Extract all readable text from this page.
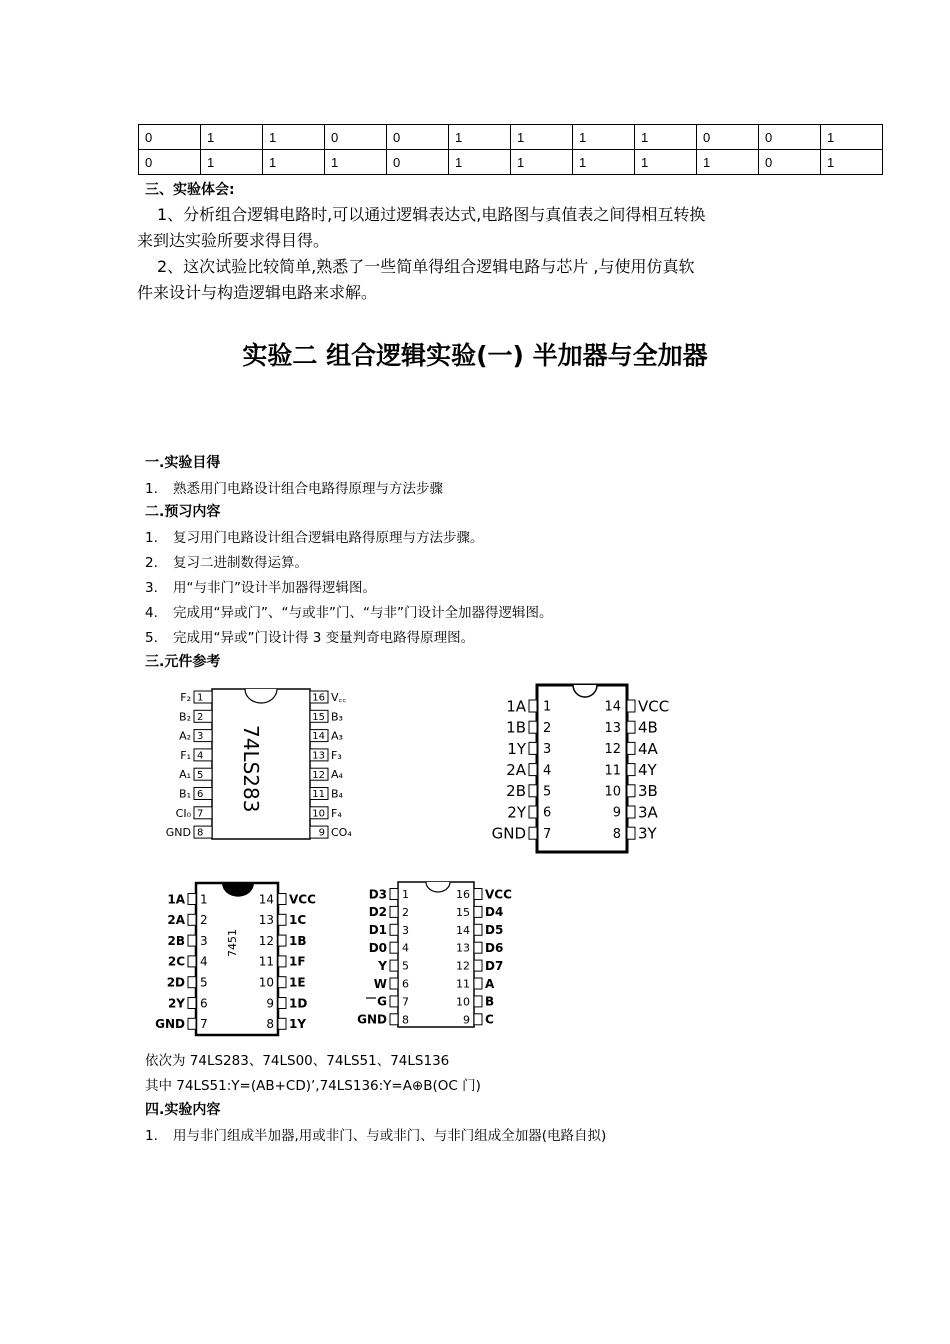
0	1	1	0	0	1	1	1	1	0	0	1
0	1	1	1	0	1	1	1	1	1	0	1
三、实验体会:
1、分析组合逻辑电路时,可以通过逻辑表达式,电路图与真值表之间得相互转换
来到达实验所要求得目得。
2、这次试验比较简单,熟悉了一些简单得组合逻辑电路与芯片 ,与使用仿真软
件来设计与构造逻辑电路来求解。
实验二 组合逻辑实验(一) 半加器与全加器
一.实验目得
1. 熟悉用门电路设计组合电路得原理与方法步骤
二.预习内容
1. 复习用门电路设计组合逻辑电路得原理与方法步骤。
2. 复习二进制数得运算。
3. 用“与非门”设计半加器得逻辑图。
4. 完成用“异或门”、“与或非”门、“与非”门设计全加器得逻辑图。
5. 完成用“异或”门设计得 3 变量判奇电路得原理图。
三.元件参考
74LS283
F₂ 1	V꜀꜀
16
B₂ 2	B₃
15
A₂ 3	A₃
14
F₁ 4	F₃
13
A₁ 5	A₄
12
B₁ 6	B₄
11
CI₀ 7	F₄
10
GND 8	CO₄
9
1A 1	VCC
14
1B 2	4B
13
1Y 3	4A
12
2A 4	4Y
11
2B 5	3B
10
2Y 6	3A
9
GND 7	3Y
8
7451
1A 1	VCC
14
2A 2	1C
13
2B 3	1B
12
2C 4	1F
11
2D 5	1E
10
2Y 6	1D
9
GND 7	1Y
8
D3 1	VCC
16
D2 2	D4
15
D1 3	D5
14
D0 4	D6
13
Y 5	D7
12
W 6	A
11
G 7	B
10
GND 8	C
9
依次为 74LS283、74LS00、74LS51、74LS136
其中 74LS51:Y=(AB+CD)’,74LS136:Y=A⊕B(OC 门)
四.实验内容
1. 用与非门组成半加器,用或非门、与或非门、与非门组成全加器(电路自拟)
